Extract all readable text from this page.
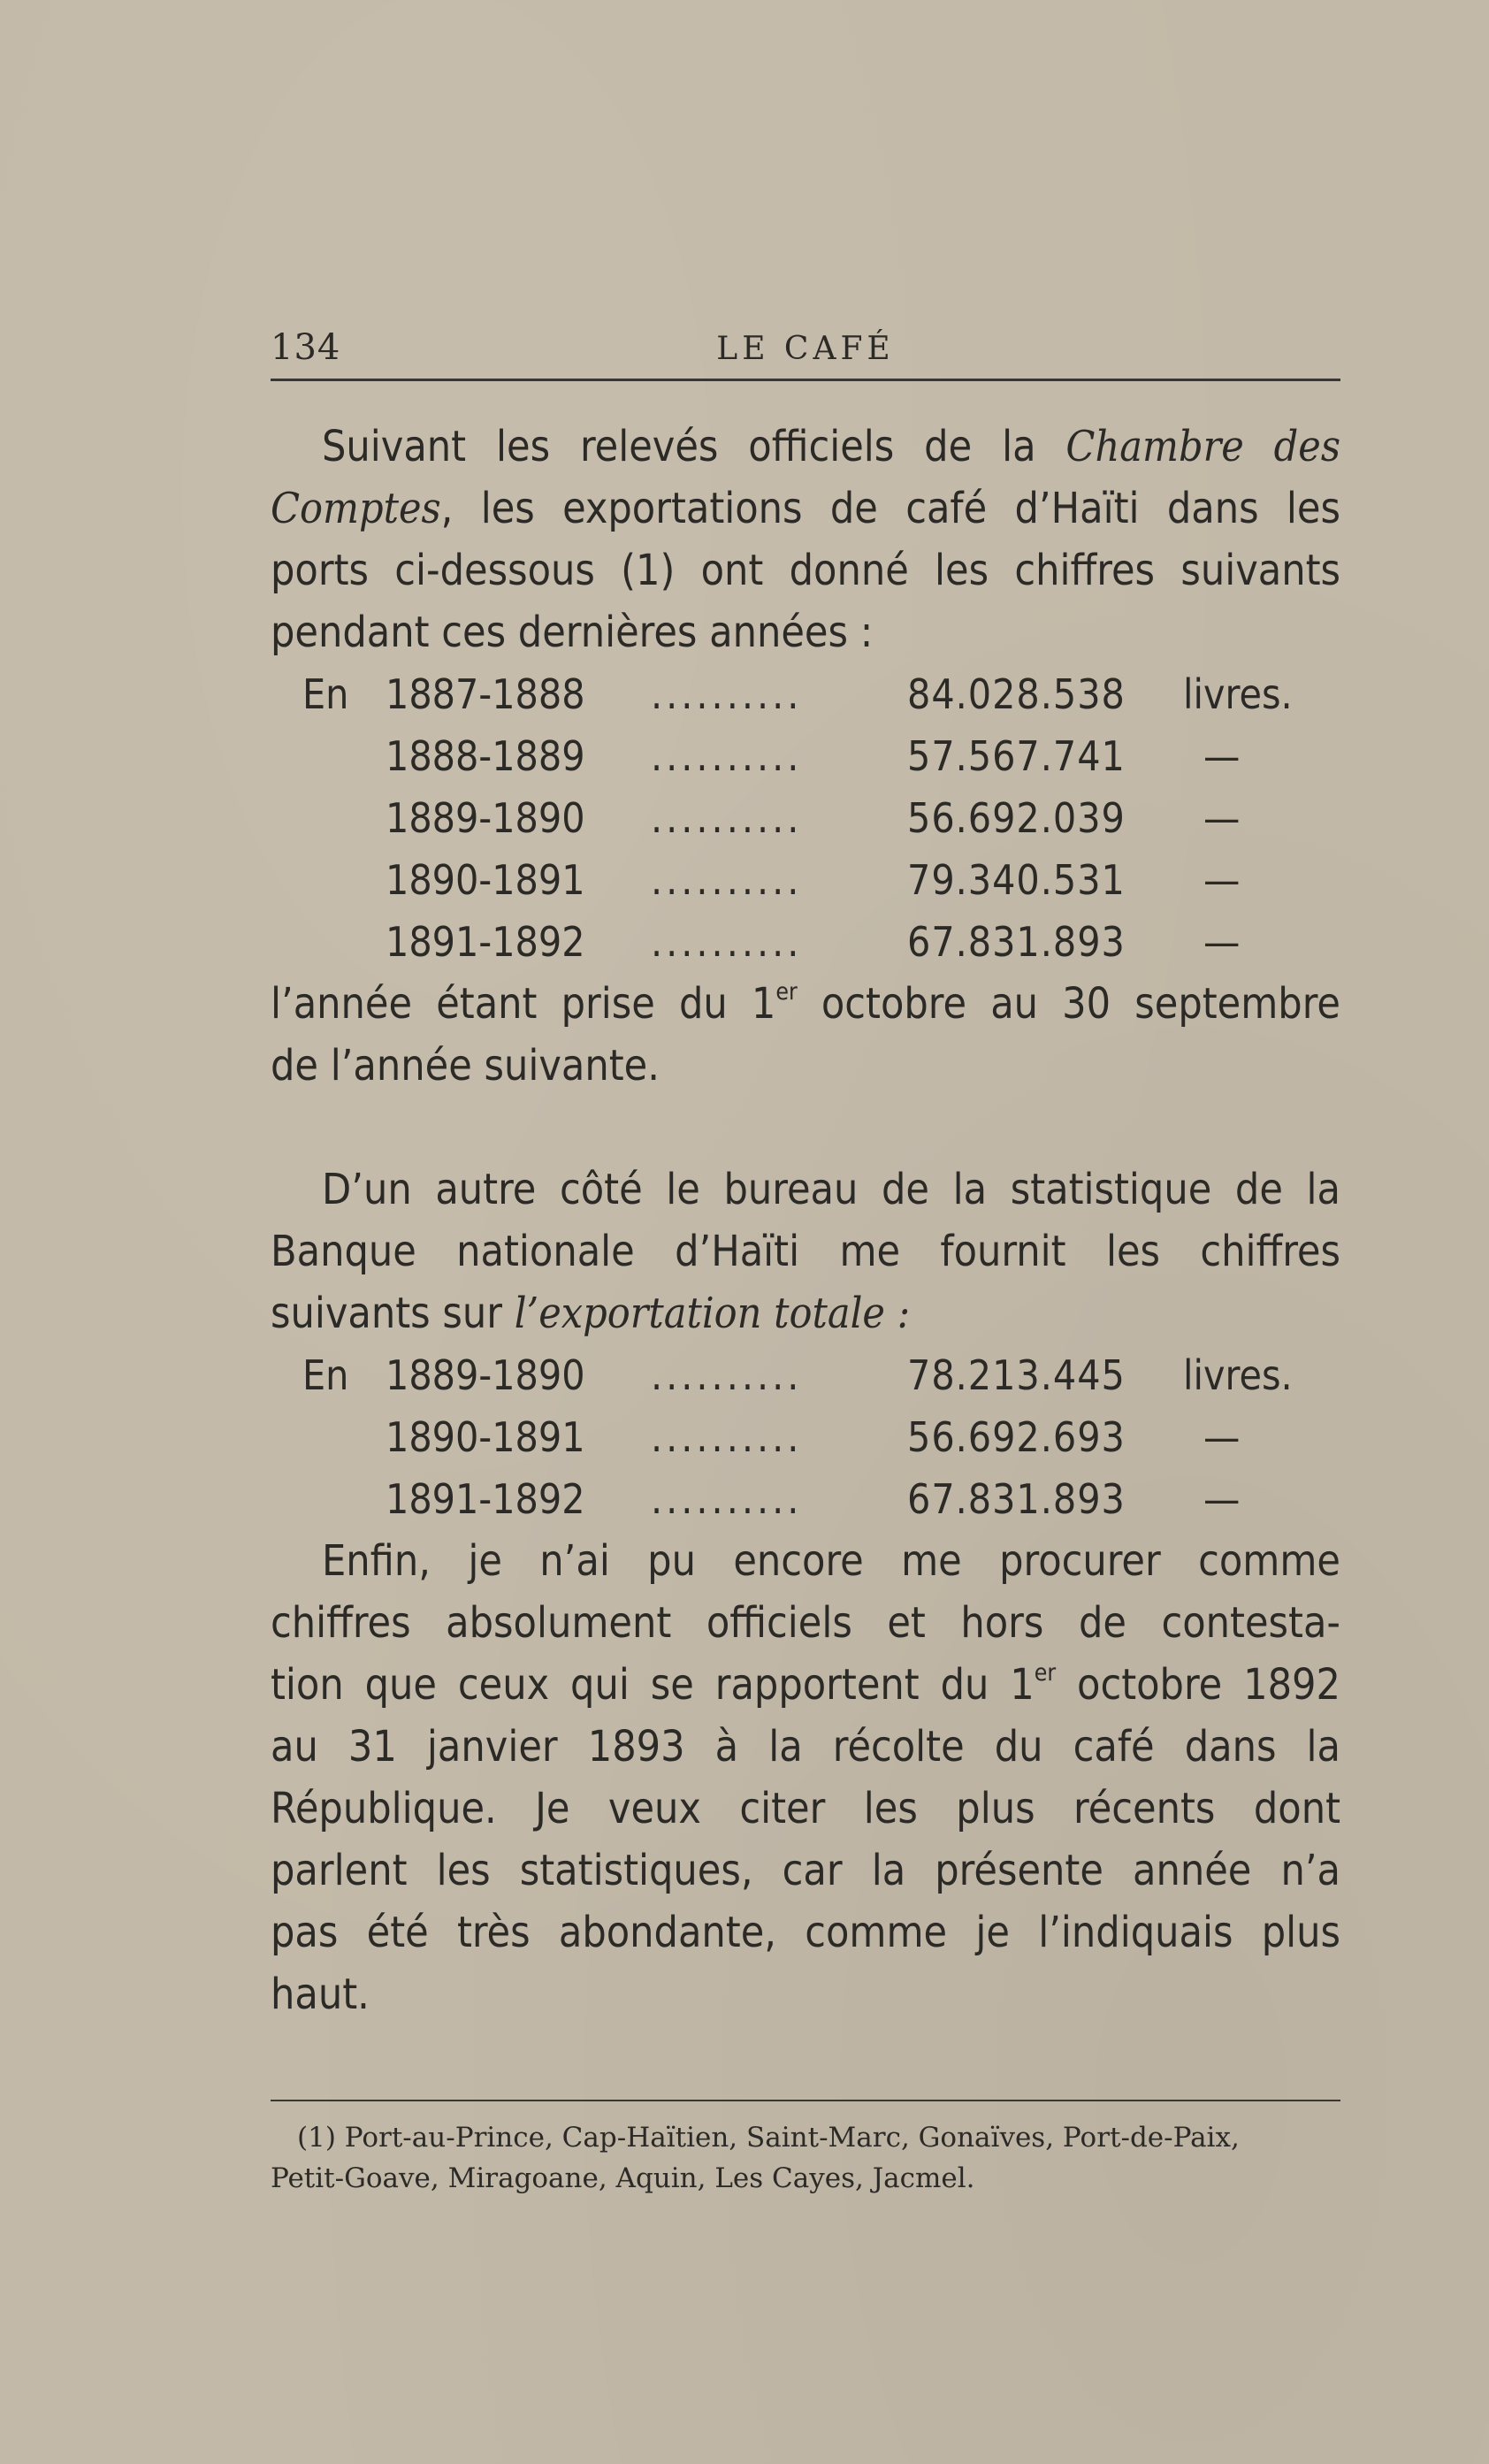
134	LE CAFÉ
Suivant les relevés officiels de la Chambre des
Comptes, les exportations de café d’Haïti dans les
ports ci-dessous (1) ont donné les chiffres suivants
pendant ces dernières années :
En 1887-1888 ..........	84.028.538 livres.
1888-1889 ..........	57.567.741 —
1889-1890 ..........	56.692.039 —
1890-1891 ..........	79.340.531 —
1891-1892 ..........	67.831.893 —
l’année étant prise du 1er octobre au 30 septembre
de l’année suivante.
D’un autre côté le bureau de la statistique de la
Banque nationale d’Haïti me fournit les chiffres
suivants sur l’exportation totale :
En 1889-1890 ..........	78.213.445 livres.
1890-1891 ..........	56.692.693 —
1891-1892 ..........	67.831.893 —
Enfin, je n’ai pu encore me procurer comme
chiffres absolument officiels et hors de contesta-
tion que ceux qui se rapportent du 1er octobre 1892
au 31 janvier 1893 à la récolte du café dans la
République. Je veux citer les plus récents dont
parlent les statistiques, car la présente année n’a
pas été très abondante, comme je l’indiquais plus
haut.
(1) Port-au-Prince, Cap-Haïtien, Saint-Marc, Gonaïves, Port-de-Paix,
Petit-Goave, Miragoane, Aquin, Les Cayes, Jacmel.
